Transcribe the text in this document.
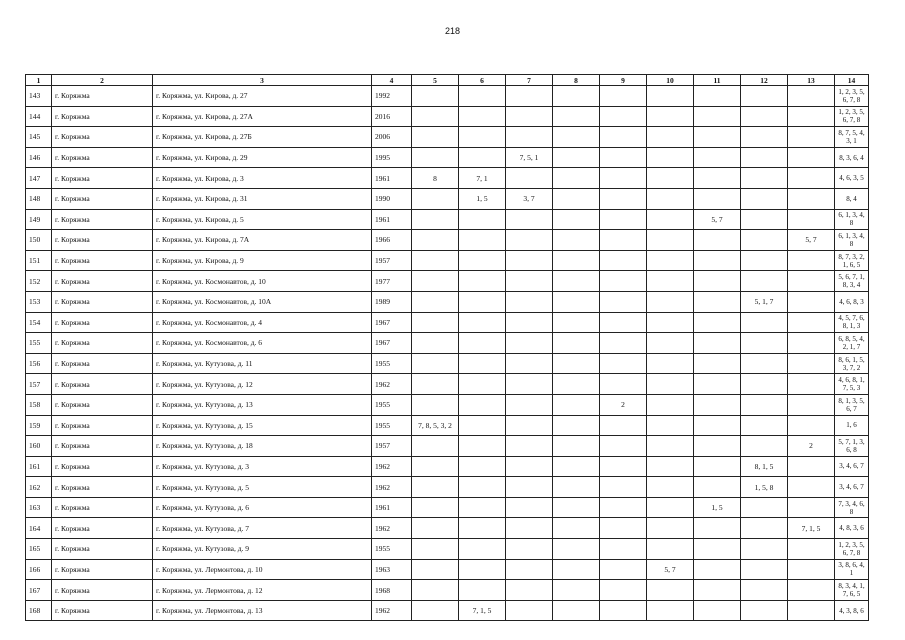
218
1	2	3	4	5	6	7	8	9	10	11	12	13	14
143	г. Коряжма	г. Коряжма, ул. Кирова, д. 27	1992										1, 2, 3, 5, 6, 7, 8
144	г. Коряжма	г. Коряжма, ул. Кирова, д. 27А	2016										1, 2, 3, 5, 6, 7, 8
145	г. Коряжма	г. Коряжма, ул. Кирова, д. 27Б	2006										8, 7, 5, 4, 3, 1
146	г. Коряжма	г. Коряжма, ул. Кирова, д. 29	1995			7, 5, 1							8, 3, 6, 4
147	г. Коряжма	г. Коряжма, ул. Кирова, д. 3	1961	8	7, 1								4, 6, 3, 5
148	г. Коряжма	г. Коряжма, ул. Кирова, д. 31	1990		1, 5	3, 7							8, 4
149	г. Коряжма	г. Коряжма, ул. Кирова, д. 5	1961							5, 7			6, 1, 3, 4, 8
150	г. Коряжма	г. Коряжма, ул. Кирова, д. 7А	1966									5, 7	6, 1, 3, 4, 8
151	г. Коряжма	г. Коряжма, ул. Кирова, д. 9	1957										8, 7, 3, 2, 1, 6, 5
152	г. Коряжма	г. Коряжма, ул. Космонавтов, д. 10	1977										5, 6, 7, 1, 8, 3, 4
153	г. Коряжма	г. Коряжма, ул. Космонавтов, д. 10А	1989								5, 1, 7		4, 6, 8, 3
154	г. Коряжма	г. Коряжма, ул. Космонавтов, д. 4	1967										4, 5, 7, 6, 8, 1, 3
155	г. Коряжма	г. Коряжма, ул. Космонавтов, д. 6	1967										6, 8, 5, 4, 2, 1, 7
156	г. Коряжма	г. Коряжма, ул. Кутузова, д. 11	1955										8, 6, 1, 5, 3, 7, 2
157	г. Коряжма	г. Коряжма, ул. Кутузова, д. 12	1962										4, 6, 8, 1, 7, 5, 3
158	г. Коряжма	г. Коряжма, ул. Кутузова, д. 13	1955					2					8, 1, 3, 5, 6, 7
159	г. Коряжма	г. Коряжма, ул. Кутузова, д. 15	1955	7, 8, 5, 3, 2									1, 6
160	г. Коряжма	г. Коряжма, ул. Кутузова, д. 18	1957									2	5, 7, 1, 3, 6, 8
161	г. Коряжма	г. Коряжма, ул. Кутузова, д. 3	1962								8, 1, 5		3, 4, 6, 7
162	г. Коряжма	г. Коряжма, ул. Кутузова, д. 5	1962								1, 5, 8		3, 4, 6, 7
163	г. Коряжма	г. Коряжма, ул. Кутузова, д. 6	1961							1, 5			7, 3, 4, 6, 8
164	г. Коряжма	г. Коряжма, ул. Кутузова, д. 7	1962									7, 1, 5	4, 8, 3, 6
165	г. Коряжма	г. Коряжма, ул. Кутузова, д. 9	1955										1, 2, 3, 5, 6, 7, 8
166	г. Коряжма	г. Коряжма, ул. Лермонтова, д. 10	1963						5, 7				3, 8, 6, 4, 1
167	г. Коряжма	г. Коряжма, ул. Лермонтова, д. 12	1968										8, 3, 4, 1, 7, 6, 5
168	г. Коряжма	г. Коряжма, ул. Лермонтова, д. 13	1962		7, 1, 5								4, 3, 8, 6
